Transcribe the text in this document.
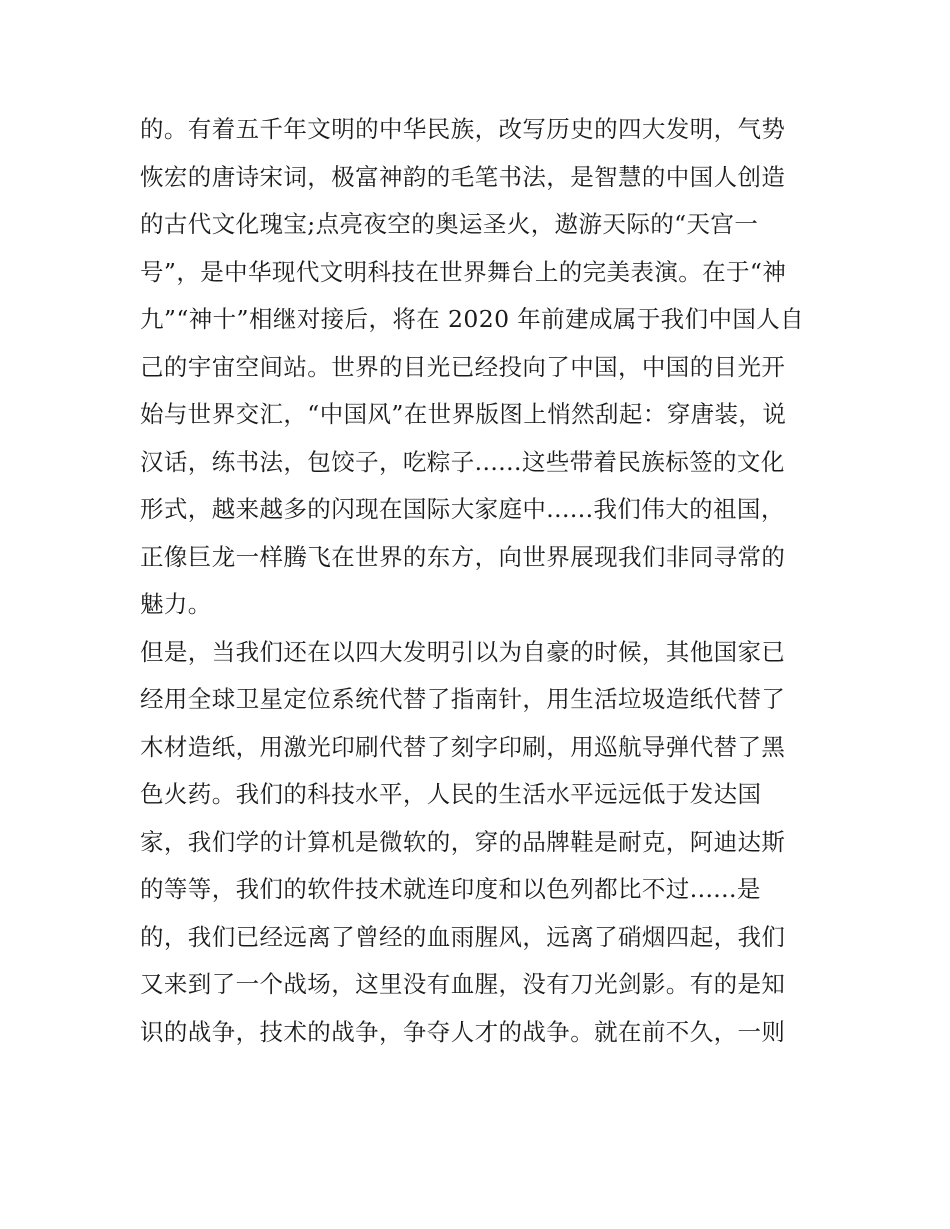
的。有着五千年文明的中华民族，改写历史的四大发明，气势
恢宏的唐诗宋词，极富神韵的毛笔书法，是智慧的中国人创造
的古代文化瑰宝;点亮夜空的奥运圣火，遨游天际的“天宫一
号”，是中华现代文明科技在世界舞台上的完美表演。在于“神
九”“神十”相继对接后，将在 2020 年前建成属于我们中国人自
己的宇宙空间站。世界的目光已经投向了中国，中国的目光开
始与世界交汇，“中国风”在世界版图上悄然刮起：穿唐装，说
汉话，练书法，包饺子，吃粽子......这些带着民族标签的文化
形式，越来越多的闪现在国际大家庭中......我们伟大的祖国，
正像巨龙一样腾飞在世界的东方，向世界展现我们非同寻常的
魅力。
但是，当我们还在以四大发明引以为自豪的时候，其他国家已
经用全球卫星定位系统代替了指南针，用生活垃圾造纸代替了
木材造纸，用激光印刷代替了刻字印刷，用巡航导弹代替了黑
色火药。我们的科技水平，人民的生活水平远远低于发达国
家，我们学的计算机是微软的，穿的品牌鞋是耐克，阿迪达斯
的等等，我们的软件技术就连印度和以色列都比不过......是
的，我们已经远离了曾经的血雨腥风，远离了硝烟四起，我们
又来到了一个战场，这里没有血腥，没有刀光剑影。有的是知
识的战争，技术的战争，争夺人才的战争。就在前不久，一则
